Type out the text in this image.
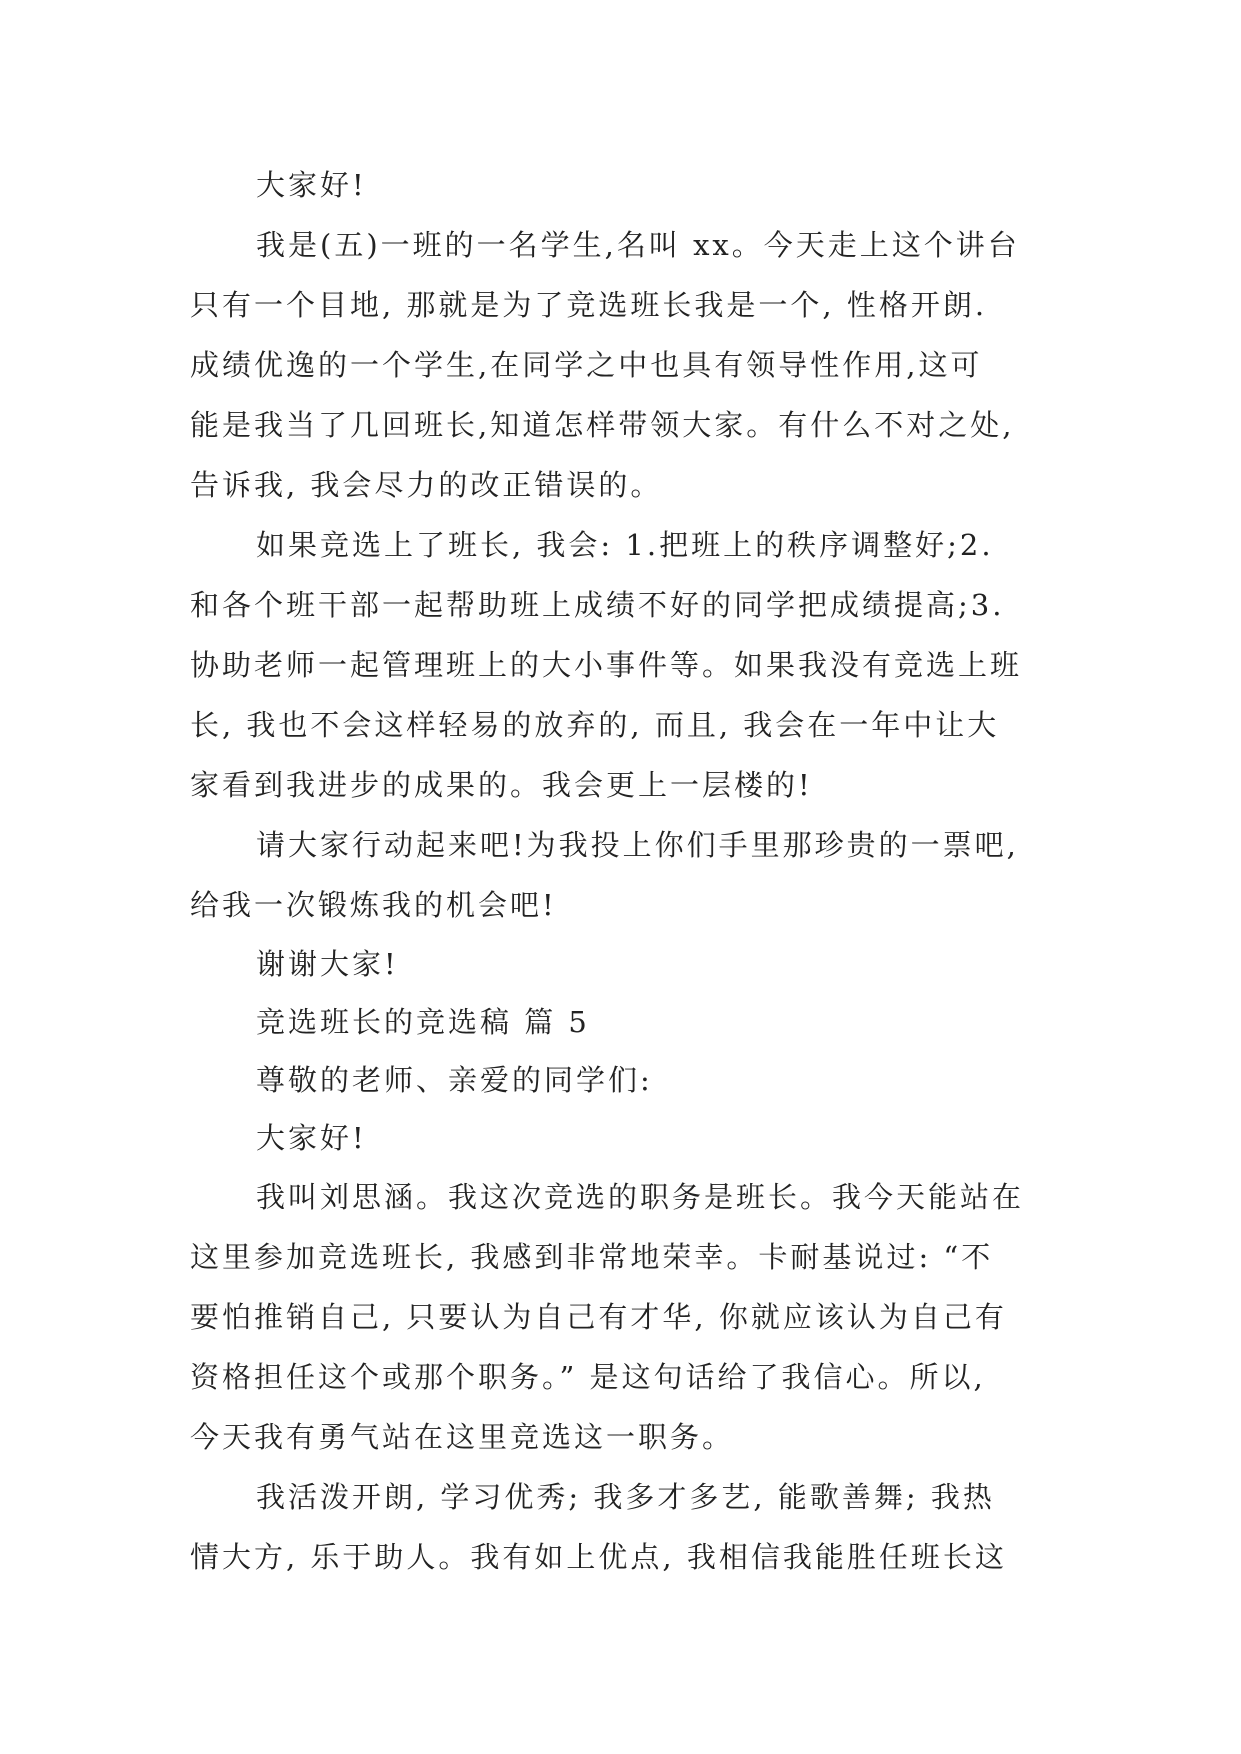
大家好!
我是(五)一班的一名学生,名叫 xx。今天走上这个讲台
只有一个目地, 那就是为了竞选班长我是一个, 性格开朗.
成绩优逸的一个学生,在同学之中也具有领导性作用,这可
能是我当了几回班长,知道怎样带领大家。有什么不对之处,
告诉我, 我会尽力的改正错误的。
如果竞选上了班长, 我会: 1.把班上的秩序调整好;2.
和各个班干部一起帮助班上成绩不好的同学把成绩提高;3.
协助老师一起管理班上的大小事件等。如果我没有竞选上班
长, 我也不会这样轻易的放弃的, 而且, 我会在一年中让大
家看到我进步的成果的。我会更上一层楼的!
请大家行动起来吧!为我投上你们手里那珍贵的一票吧,
给我一次锻炼我的机会吧!
谢谢大家!
竞选班长的竞选稿 篇 5
尊敬的老师、亲爱的同学们:
大家好!
我叫刘思涵。我这次竞选的职务是班长。我今天能站在
这里参加竞选班长, 我感到非常地荣幸。卡耐基说过: “不
要怕推销自己, 只要认为自己有才华, 你就应该认为自己有
资格担任这个或那个职务。” 是这句话给了我信心。所以,
今天我有勇气站在这里竞选这一职务。
我活泼开朗, 学习优秀; 我多才多艺, 能歌善舞; 我热
情大方, 乐于助人。我有如上优点, 我相信我能胜任班长这
